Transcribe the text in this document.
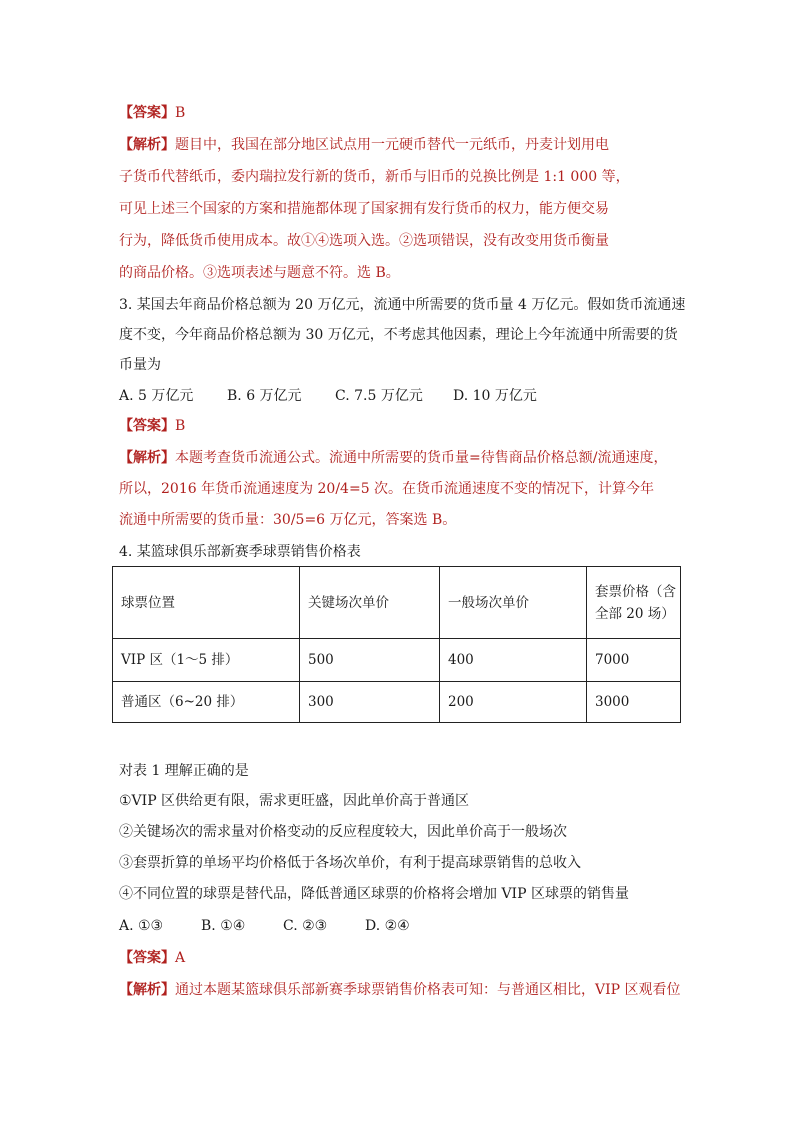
【答案】B
【解析】题目中，我国在部分地区试点用一元硬币替代一元纸币，丹麦计划用电
子货币代替纸币，委内瑞拉发行新的货币，新币与旧币的兑换比例是 1:1 000 等，
可见上述三个国家的方案和措施都体现了国家拥有发行货币的权力，能方便交易
行为，降低货币使用成本。故①④选项入选。②选项错误，没有改变用货币衡量
的商品价格。③选项表述与题意不符。选 B。
3. 某国去年商品价格总额为 20 万亿元，流通中所需要的货币量 4 万亿元。假如货币流通速
度不变，今年商品价格总额为 30 万亿元，不考虑其他因素，理论上今年流通中所需要的货
币量为
A. 5 万亿元 B. 6 万亿元 C. 7.5 万亿元 D. 10 万亿元
【答案】B
【解析】本题考查货币流通公式。流通中所需要的货币量=待售商品价格总额/流通速度，
所以，2016 年货币流通速度为 20/4=5 次。在货币流通速度不变的情况下，计算今年
流通中所需要的货币量：30/5=6 万亿元，答案选 B。
4. 某篮球俱乐部新赛季球票销售价格表
球票位置	关键场次单价	一般场次单价	套票价格（含
全部 20 场）

VIP 区（1～5 排）	500	400	7000
普通区（6~20 排）	300	200	3000
对表 1 理解正确的是
①VIP 区供给更有限，需求更旺盛，因此单价高于普通区
②关键场次的需求量对价格变动的反应程度较大，因此单价高于一般场次
③套票折算的单场平均价格低于各场次单价，有利于提高球票销售的总收入
④不同位置的球票是替代品，降低普通区球票的价格将会增加 VIP 区球票的销售量
A. ①③	B. ①④	C. ②③	D. ②④
【答案】A
【解析】通过本题某篮球俱乐部新赛季球票销售价格表可知：与普通区相比，VIP 区观看位
